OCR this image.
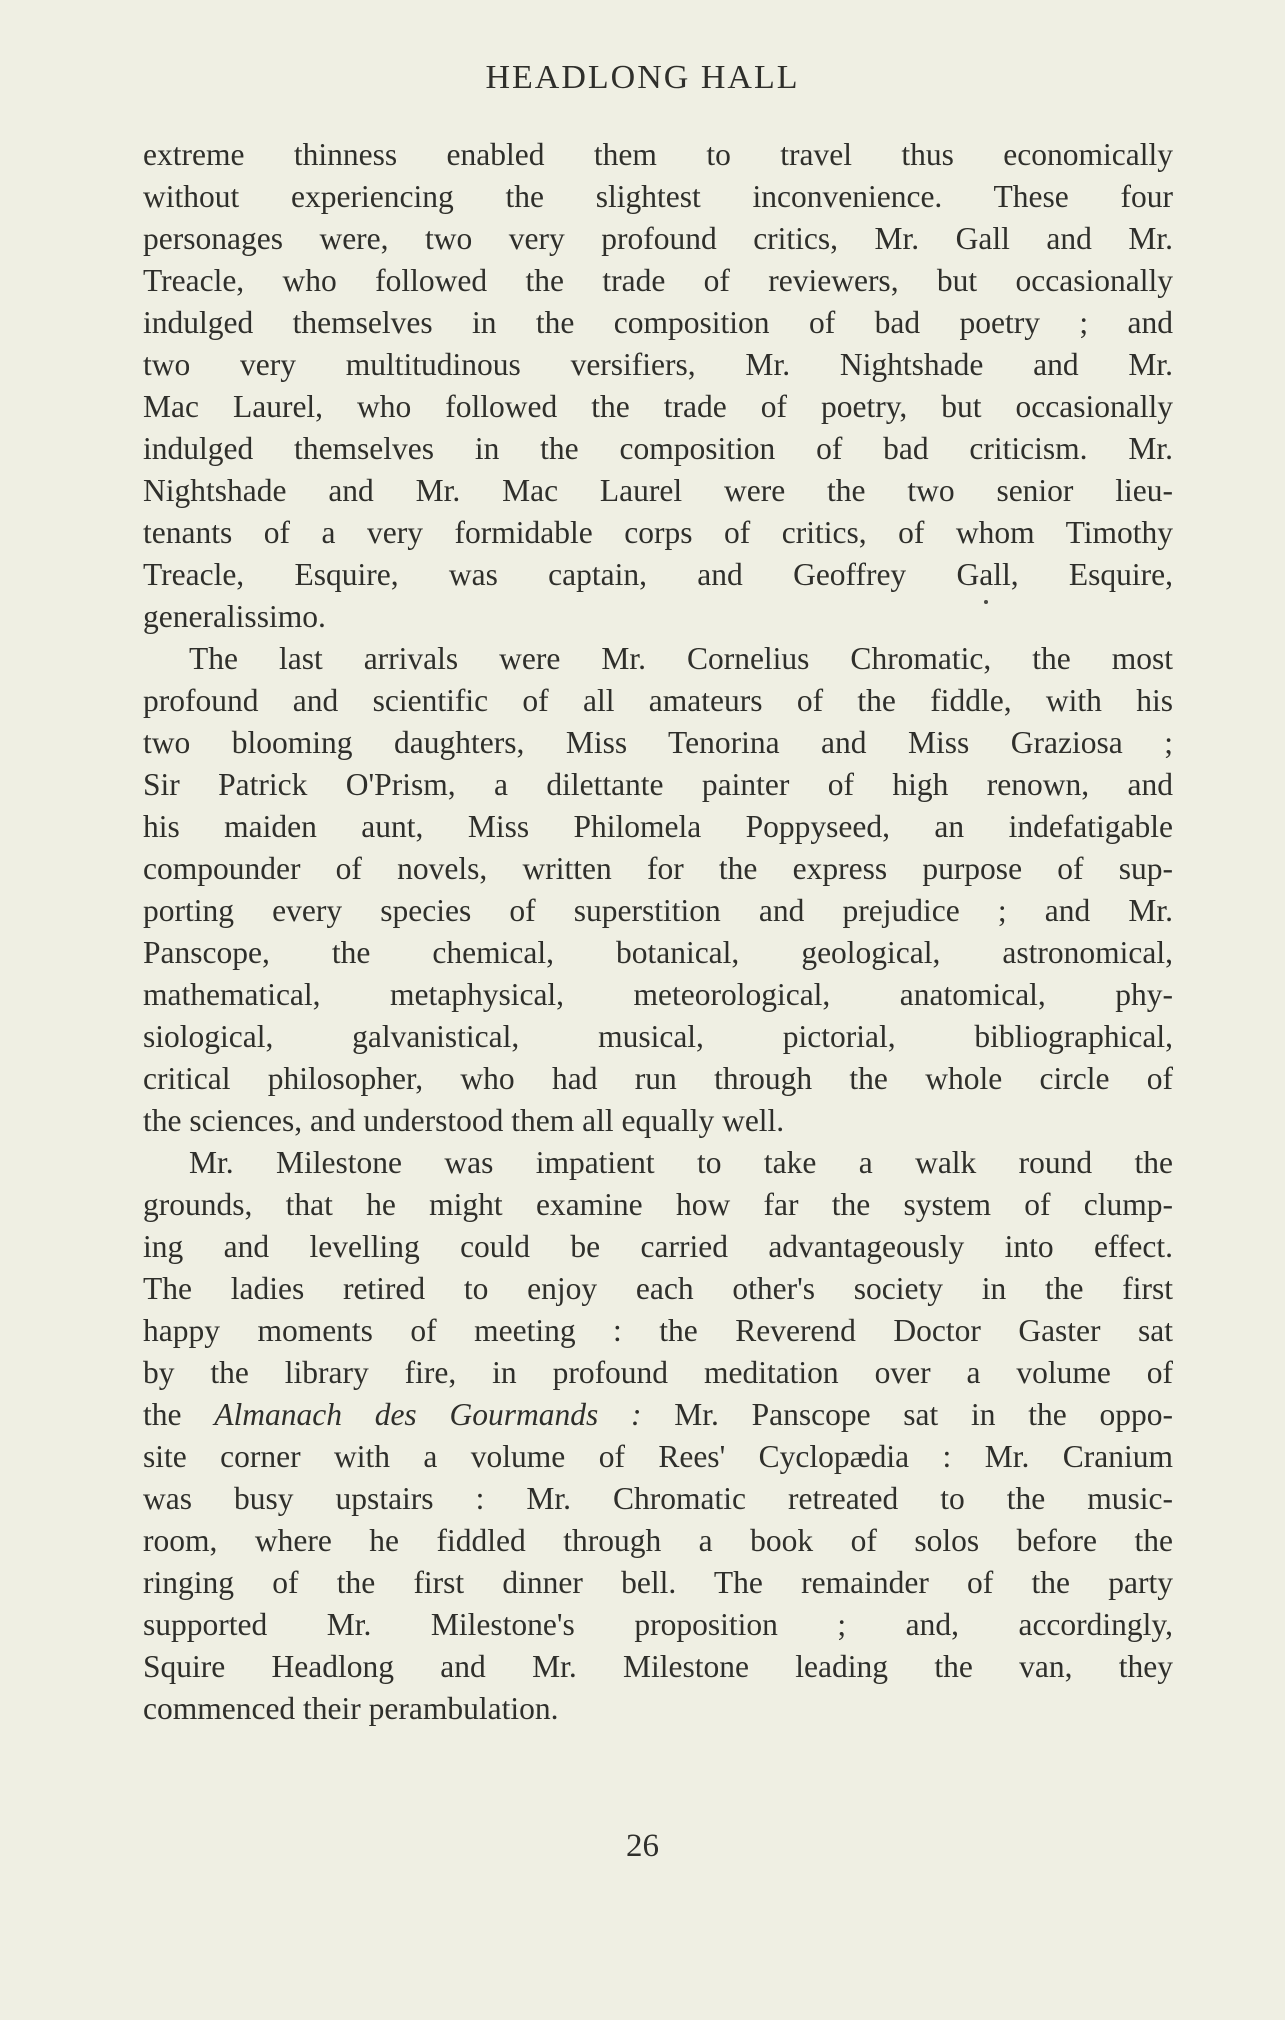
HEADLONG HALL
extreme thinness enabled them to travel thus economically
without experiencing the slightest inconvenience. These four
personages were, two very profound critics, Mr. Gall and Mr.
Treacle, who followed the trade of reviewers, but occasionally
indulged themselves in the composition of bad poetry ; and
two very multitudinous versifiers, Mr. Nightshade and Mr.
Mac Laurel, who followed the trade of poetry, but occasionally
indulged themselves in the composition of bad criticism. Mr.
Nightshade and Mr. Mac Laurel were the two senior lieu-
tenants of a very formidable corps of critics, of whom Timothy
Treacle, Esquire, was captain, and Geoffrey Gall, Esquire,
generalissimo.
The last arrivals were Mr. Cornelius Chromatic, the most
profound and scientific of all amateurs of the fiddle, with his
two blooming daughters, Miss Tenorina and Miss Graziosa ;
Sir Patrick O'Prism, a dilettante painter of high renown, and
his maiden aunt, Miss Philomela Poppyseed, an indefatigable
compounder of novels, written for the express purpose of sup-
porting every species of superstition and prejudice ; and Mr.
Panscope, the chemical, botanical, geological, astronomical,
mathematical, metaphysical, meteorological, anatomical, phy-
siological, galvanistical, musical, pictorial, bibliographical,
critical philosopher, who had run through the whole circle of
the sciences, and understood them all equally well.
Mr. Milestone was impatient to take a walk round the
grounds, that he might examine how far the system of clump-
ing and levelling could be carried advantageously into effect.
The ladies retired to enjoy each other's society in the first
happy moments of meeting : the Reverend Doctor Gaster sat
by the library fire, in profound meditation over a volume of
the Almanach des Gourmands : Mr. Panscope sat in the oppo-
site corner with a volume of Rees' Cyclopædia : Mr. Cranium
was busy upstairs : Mr. Chromatic retreated to the music-
room, where he fiddled through a book of solos before the
ringing of the first dinner bell. The remainder of the party
supported Mr. Milestone's proposition ; and, accordingly,
Squire Headlong and Mr. Milestone leading the van, they
commenced their perambulation.
26
